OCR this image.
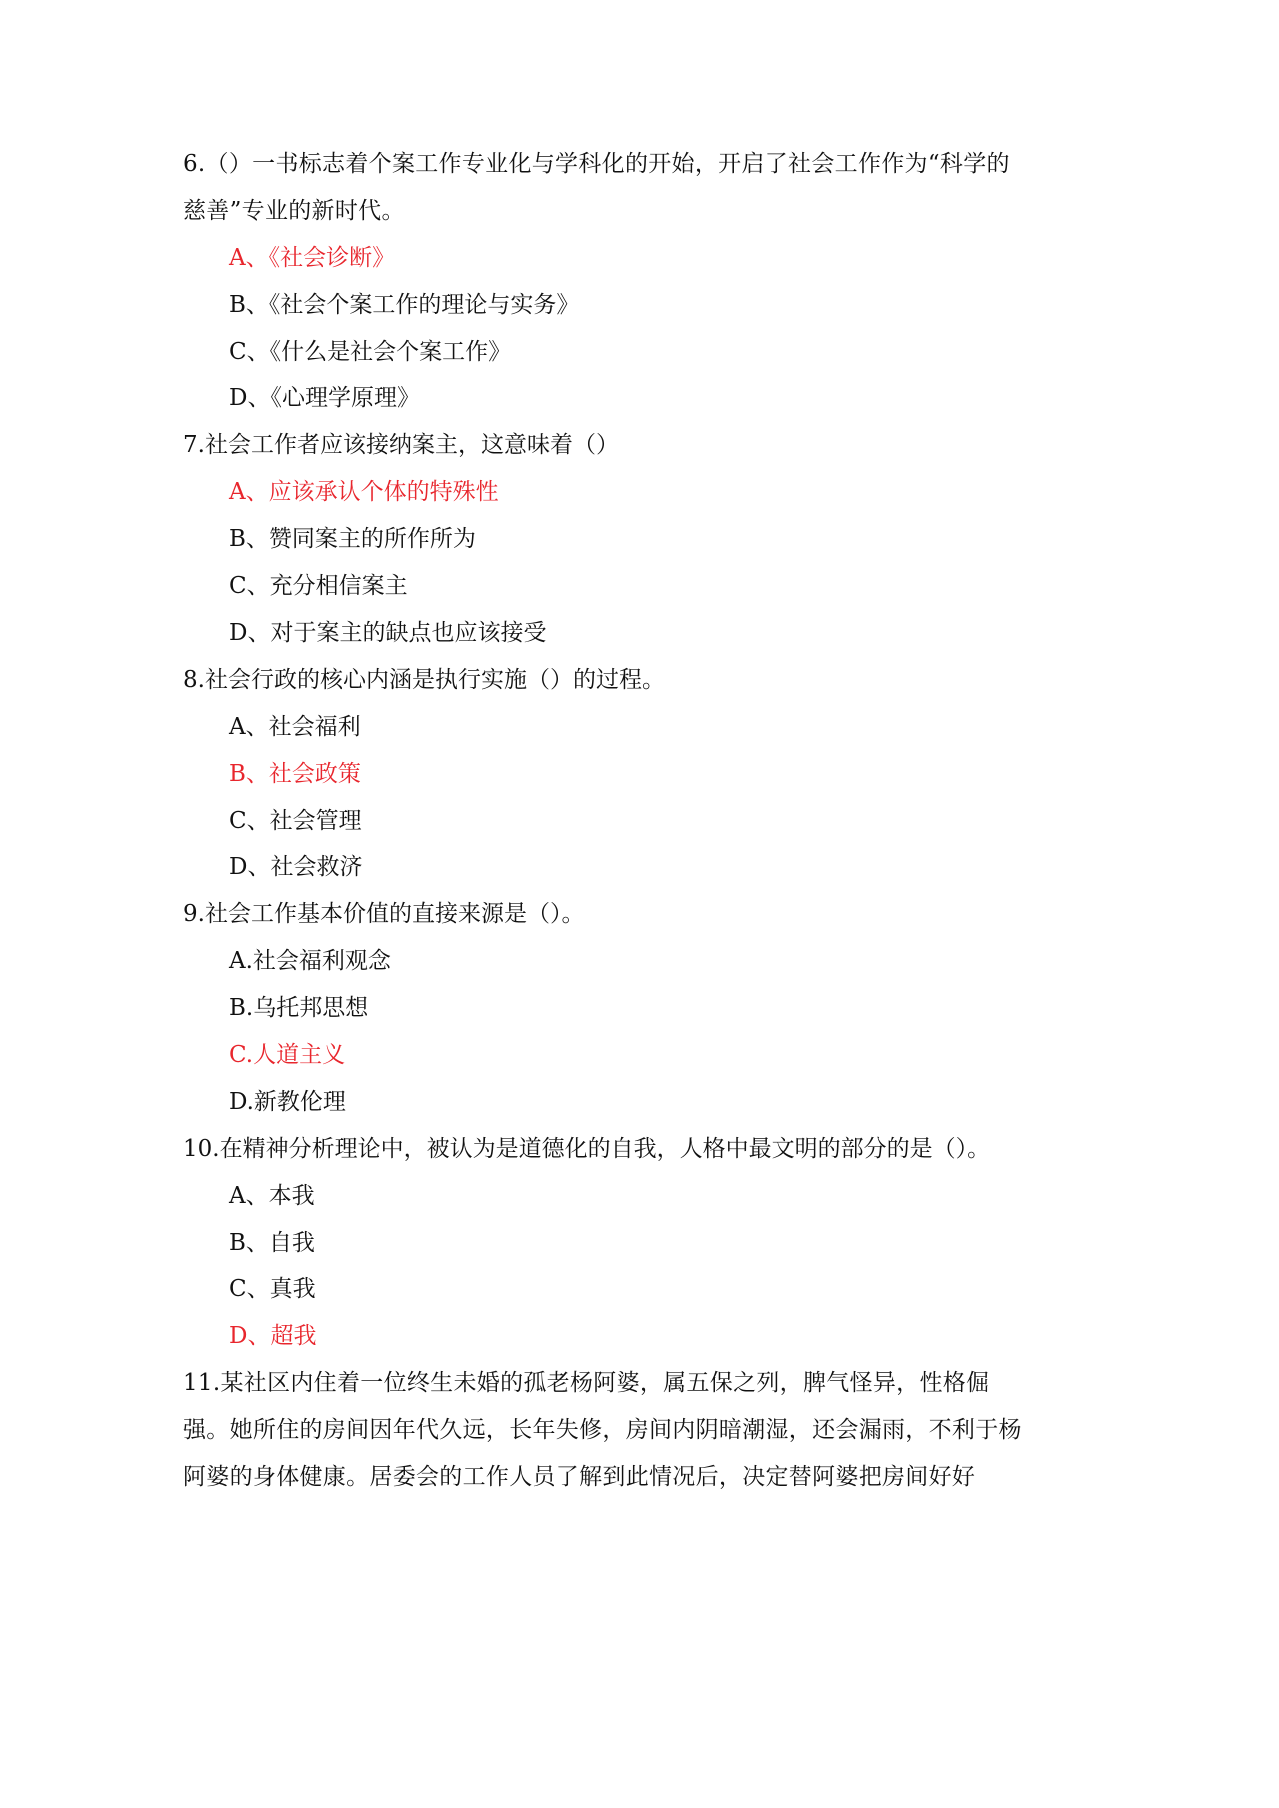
6.（）一书标志着个案工作专业化与学科化的开始，开启了社会工作作为“科学的慈善”专业的新时代。
A、《社会诊断》
B、《社会个案工作的理论与实务》
C、《什么是社会个案工作》
D、《心理学原理》
7.社会工作者应该接纳案主，这意味着（）
A、应该承认个体的特殊性
B、赞同案主的所作所为
C、充分相信案主
D、对于案主的缺点也应该接受
8.社会行政的核心内涵是执行实施（）的过程。
A、社会福利
B、社会政策
C、社会管理
D、社会救济
9.社会工作基本价值的直接来源是（）。
A.社会福利观念
B.乌托邦思想
C.人道主义
D.新教伦理
10.在精神分析理论中，被认为是道德化的自我，人格中最文明的部分的是（）。
A、本我
B、自我
C、真我
D、超我
11.某社区内住着一位终生未婚的孤老杨阿婆，属五保之列，脾气怪异，性格倔强。她所住的房间因年代久远，长年失修，房间内阴暗潮湿，还会漏雨，不利于杨阿婆的身体健康。居委会的工作人员了解到此情况后，决定替阿婆把房间好好
